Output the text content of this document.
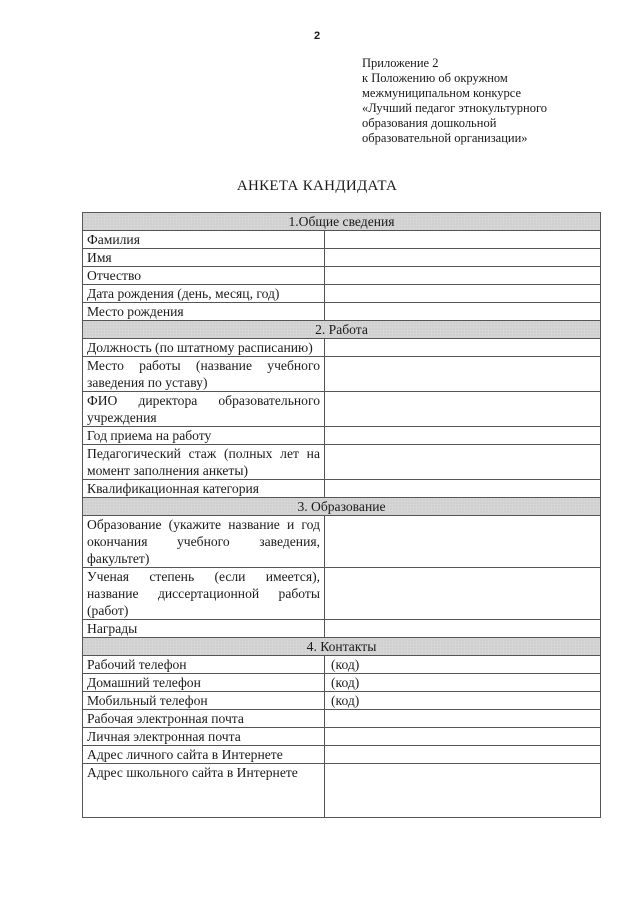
2
Приложение 2
к Положению об окружном
межмуниципальном конкурсе
«Лучший педагог этнокультурного
образования дошкольной
образовательной организации»
АНКЕТА КАНДИДАТА
1.Общие сведения	
Фамилия	
Имя	
Отчество	
Дата рождения (день, месяц, год)	
Место рождения	
2. Работа	
Должность (по штатному расписанию)	
Место работы (название учебного заведения по уставу)	
ФИО директора образовательного учреждения	
Год приема на работу	
Педагогический стаж (полных лет на момент заполнения анкеты)	
Квалификационная категория	
3. Образование	
Образование (укажите название и год окончания учебного заведения, факультет)	
Ученая степень (если имеется), название диссертационной работы (работ)	
Награды	
4. Контакты	
Рабочий телефон	(код)
Домашний телефон	(код)
Мобильный телефон	(код)
Рабочая электронная почта	
Личная электронная почта	
Адрес личного сайта в Интернете	
Адрес школьного сайта в Интернете	
